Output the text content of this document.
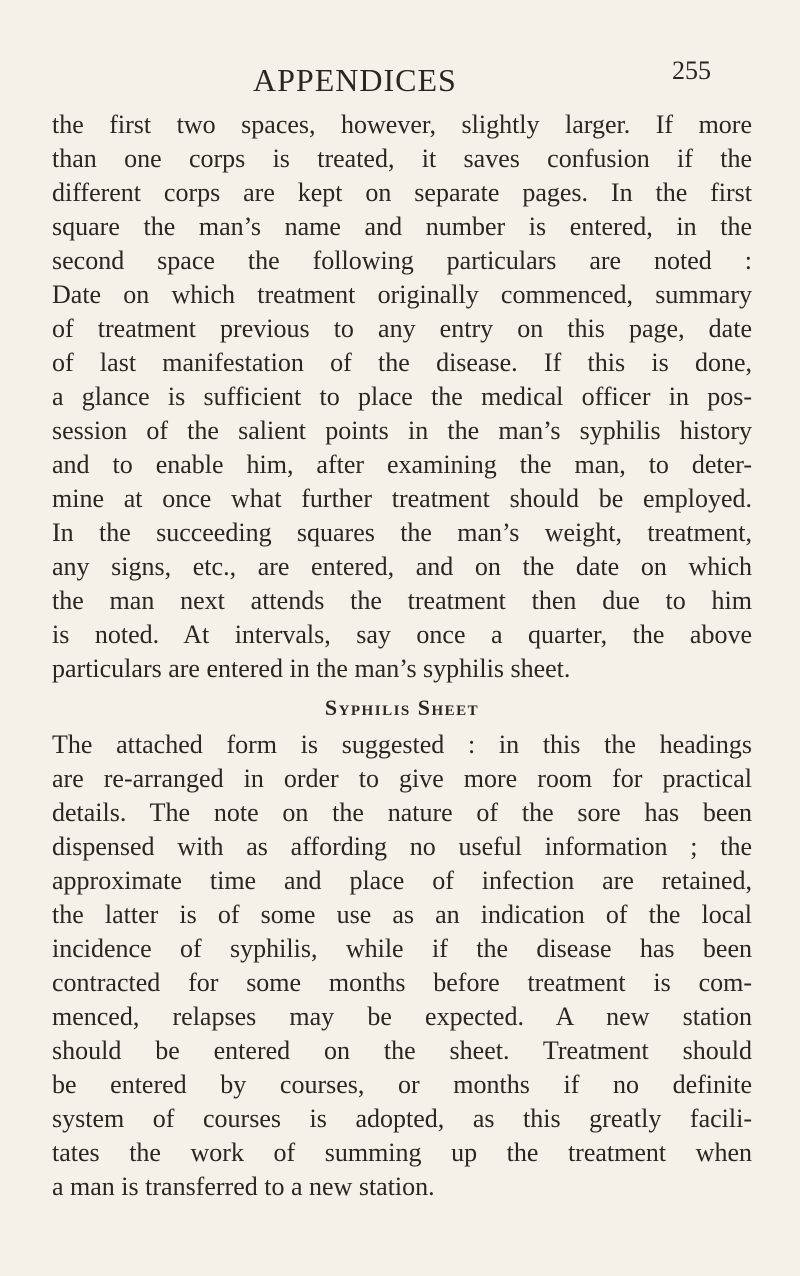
APPENDICES	255
the first two spaces, however, slightly larger. If more
than one corps is treated, it saves confusion if the
different corps are kept on separate pages. In the first
square the man’s name and number is entered, in the
second space the following particulars are noted :
Date on which treatment originally commenced, summary
of treatment previous to any entry on this page, date
of last manifestation of the disease. If this is done,
a glance is sufficient to place the medical officer in pos-
session of the salient points in the man’s syphilis history
and to enable him, after examining the man, to deter-
mine at once what further treatment should be employed.
In the succeeding squares the man’s weight, treatment,
any signs, etc., are entered, and on the date on which
the man next attends the treatment then due to him
is noted. At intervals, say once a quarter, the above
particulars are entered in the man’s syphilis sheet.
Syphilis Sheet
The attached form is suggested : in this the headings
are re-arranged in order to give more room for practical
details. The note on the nature of the sore has been
dispensed with as affording no useful information ; the
approximate time and place of infection are retained,
the latter is of some use as an indication of the local
incidence of syphilis, while if the disease has been
contracted for some months before treatment is com-
menced, relapses may be expected. A new station
should be entered on the sheet. Treatment should
be entered by courses, or months if no definite
system of courses is adopted, as this greatly facili-
tates the work of summing up the treatment when
a man is transferred to a new station.
